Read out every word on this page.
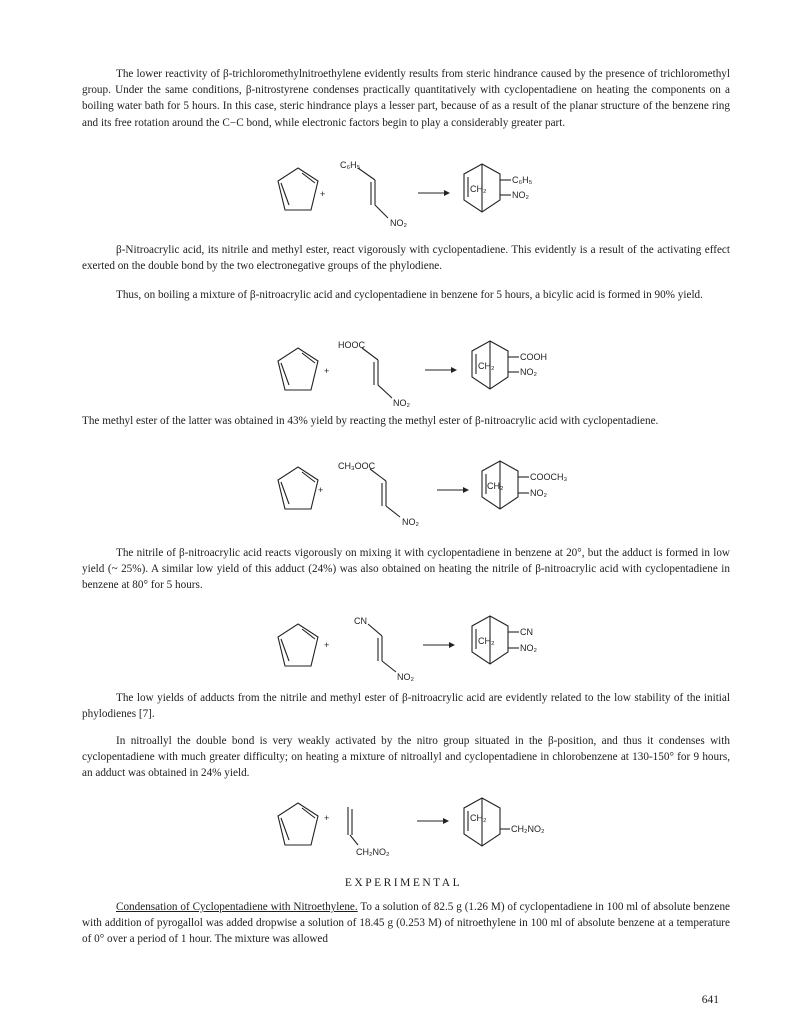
The lower reactivity of β-trichloromethylnitroethylene evidently results from steric hindrance caused by the presence of trichloromethyl group. Under the same conditions, β-nitrostyrene condenses practically quantitatively with cyclopentadiene on heating the components on a boiling water bath for 5 hours. In this case, steric hindrance plays a lesser part, because of as a result of the planar structure of the benzene ring and its free rotation around the C−C bond, while electronic factors begin to play a considerably greater part.

+
C₆H₅
NO₂
CH₂
C₆H₅
NO₂

β-Nitroacrylic acid, its nitrile and methyl ester, react vigorously with cyclopentadiene. This evidently is a result of the activating effect exerted on the double bond by the two electronegative groups of the phylodiene.

Thus, on boiling a mixture of β-nitroacrylic acid and cyclopentadiene in benzene for 5 hours, a bicylic acid is formed in 90% yield.

+
HOOC
NO₂
CH₂
COOH
NO₂

The methyl ester of the latter was obtained in 43% yield by reacting the methyl ester of β-nitroacrylic acid with cyclopentadiene.

+
CH₃OOC
NO₂
CH₂
COOCH₃
NO₂

The nitrile of β-nitroacrylic acid reacts vigorously on mixing it with cyclopentadiene in benzene at 20°, but the adduct is formed in low yield (~ 25%). A similar low yield of this adduct (24%) was also obtained on heating the nitrile of β-nitroacrylic acid with cyclopentadiene in benzene at 80° for 5 hours.

+
CN
NO₂
CH₂
CN
NO₂

The low yields of adducts from the nitrile and methyl ester of β-nitroacrylic acid are evidently related to the low stability of the initial phylodienes [7].

In nitroallyl the double bond is very weakly activated by the nitro group situated in the β-position, and thus it condenses with cyclopentadiene with much greater difficulty; on heating a mixture of nitroallyl and cyclopentadiene in chlorobenzene at 130-150° for 9 hours, an adduct was obtained in 24% yield.

+
CH₂NO₂
CH₂
CH₂NO₂

EXPERIMENTAL

Condensation of Cyclopentadiene with Nitroethylene. To a solution of 82.5 g (1.26 M) of cyclopentadiene in 100 ml of absolute benzene with addition of pyrogallol was added dropwise a solution of 18.45 g (0.253 M) of nitroethylene in 100 ml of absolute benzene at a temperature of 0° over a period of 1 hour. The mixture was allowed

641
